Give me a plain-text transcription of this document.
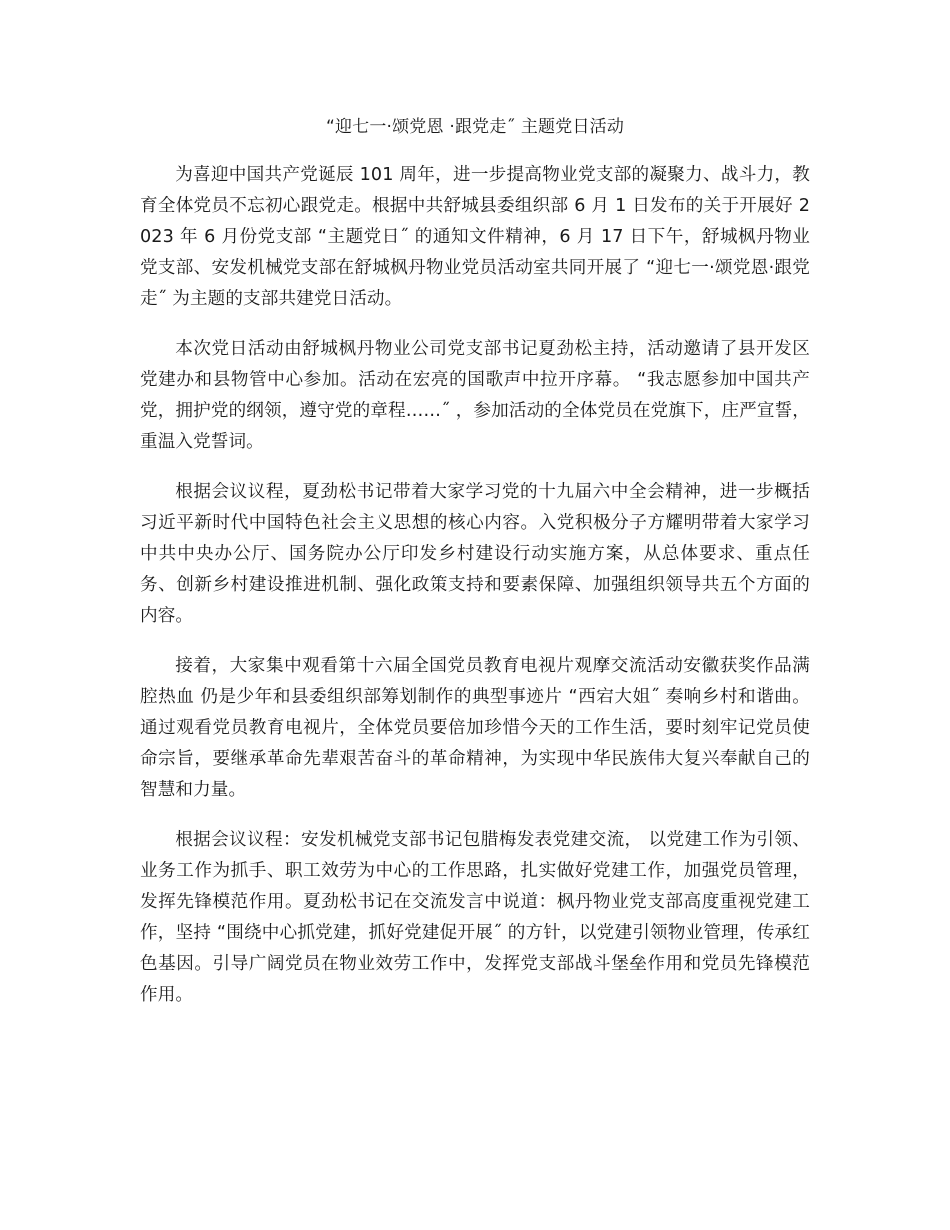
“迎七一·颂党恩 ·跟党走˝ 主题党日活动

为喜迎中国共产党诞辰 101 周年，进一步提高物业党支部的凝聚力、战斗力，教育全体党员不忘初心跟党走。根据中共舒城县委组织部 6 月 1 日发布的关于开展好 2023 年 6 月份党支部 “主题党日˝ 的通知文件精神，6 月 17 日下午，舒城枫丹物业党支部、安发机械党支部在舒城枫丹物业党员活动室共同开展了 “迎七一·颂党恩·跟党走˝ 为主题的支部共建党日活动。

本次党日活动由舒城枫丹物业公司党支部书记夏劲松主持，活动邀请了县开发区党建办和县物管中心参加。活动在宏亮的国歌声中拉开序幕。 “我志愿参加中国共产党，拥护党的纲领，遵守党的章程……˝ ，参加活动的全体党员在党旗下，庄严宣誓，重温入党誓词。

根据会议议程，夏劲松书记带着大家学习党的十九届六中全会精神，进一步概括习近平新时代中国特色社会主义思想的核心内容。入党积极分子方耀明带着大家学习中共中央办公厅、国务院办公厅印发乡村建设行动实施方案，从总体要求、重点任务、创新乡村建设推进机制、强化政策支持和要素保障、加强组织领导共五个方面的内容。

接着，大家集中观看第十六届全国党员教育电视片观摩交流活动安徽获奖作品满腔热血 仍是少年和县委组织部筹划制作的典型事迹片 “西宕大姐˝ 奏响乡村和谐曲。通过观看党员教育电视片，全体党员要倍加珍惜今天的工作生活，要时刻牢记党员使命宗旨，要继承革命先辈艰苦奋斗的革命精神，为实现中华民族伟大复兴奉献自己的智慧和力量。

根据会议议程：安发机械党支部书记包腊梅发表党建交流， 以党建工作为引领、业务工作为抓手、职工效劳为中心的工作思路，扎实做好党建工作，加强党员管理，发挥先锋模范作用。夏劲松书记在交流发言中说道：枫丹物业党支部高度重视党建工作，坚持 “围绕中心抓党建，抓好党建促开展˝ 的方针，以党建引领物业管理，传承红色基因。引导广阔党员在物业效劳工作中，发挥党支部战斗堡垒作用和党员先锋模范作用。
